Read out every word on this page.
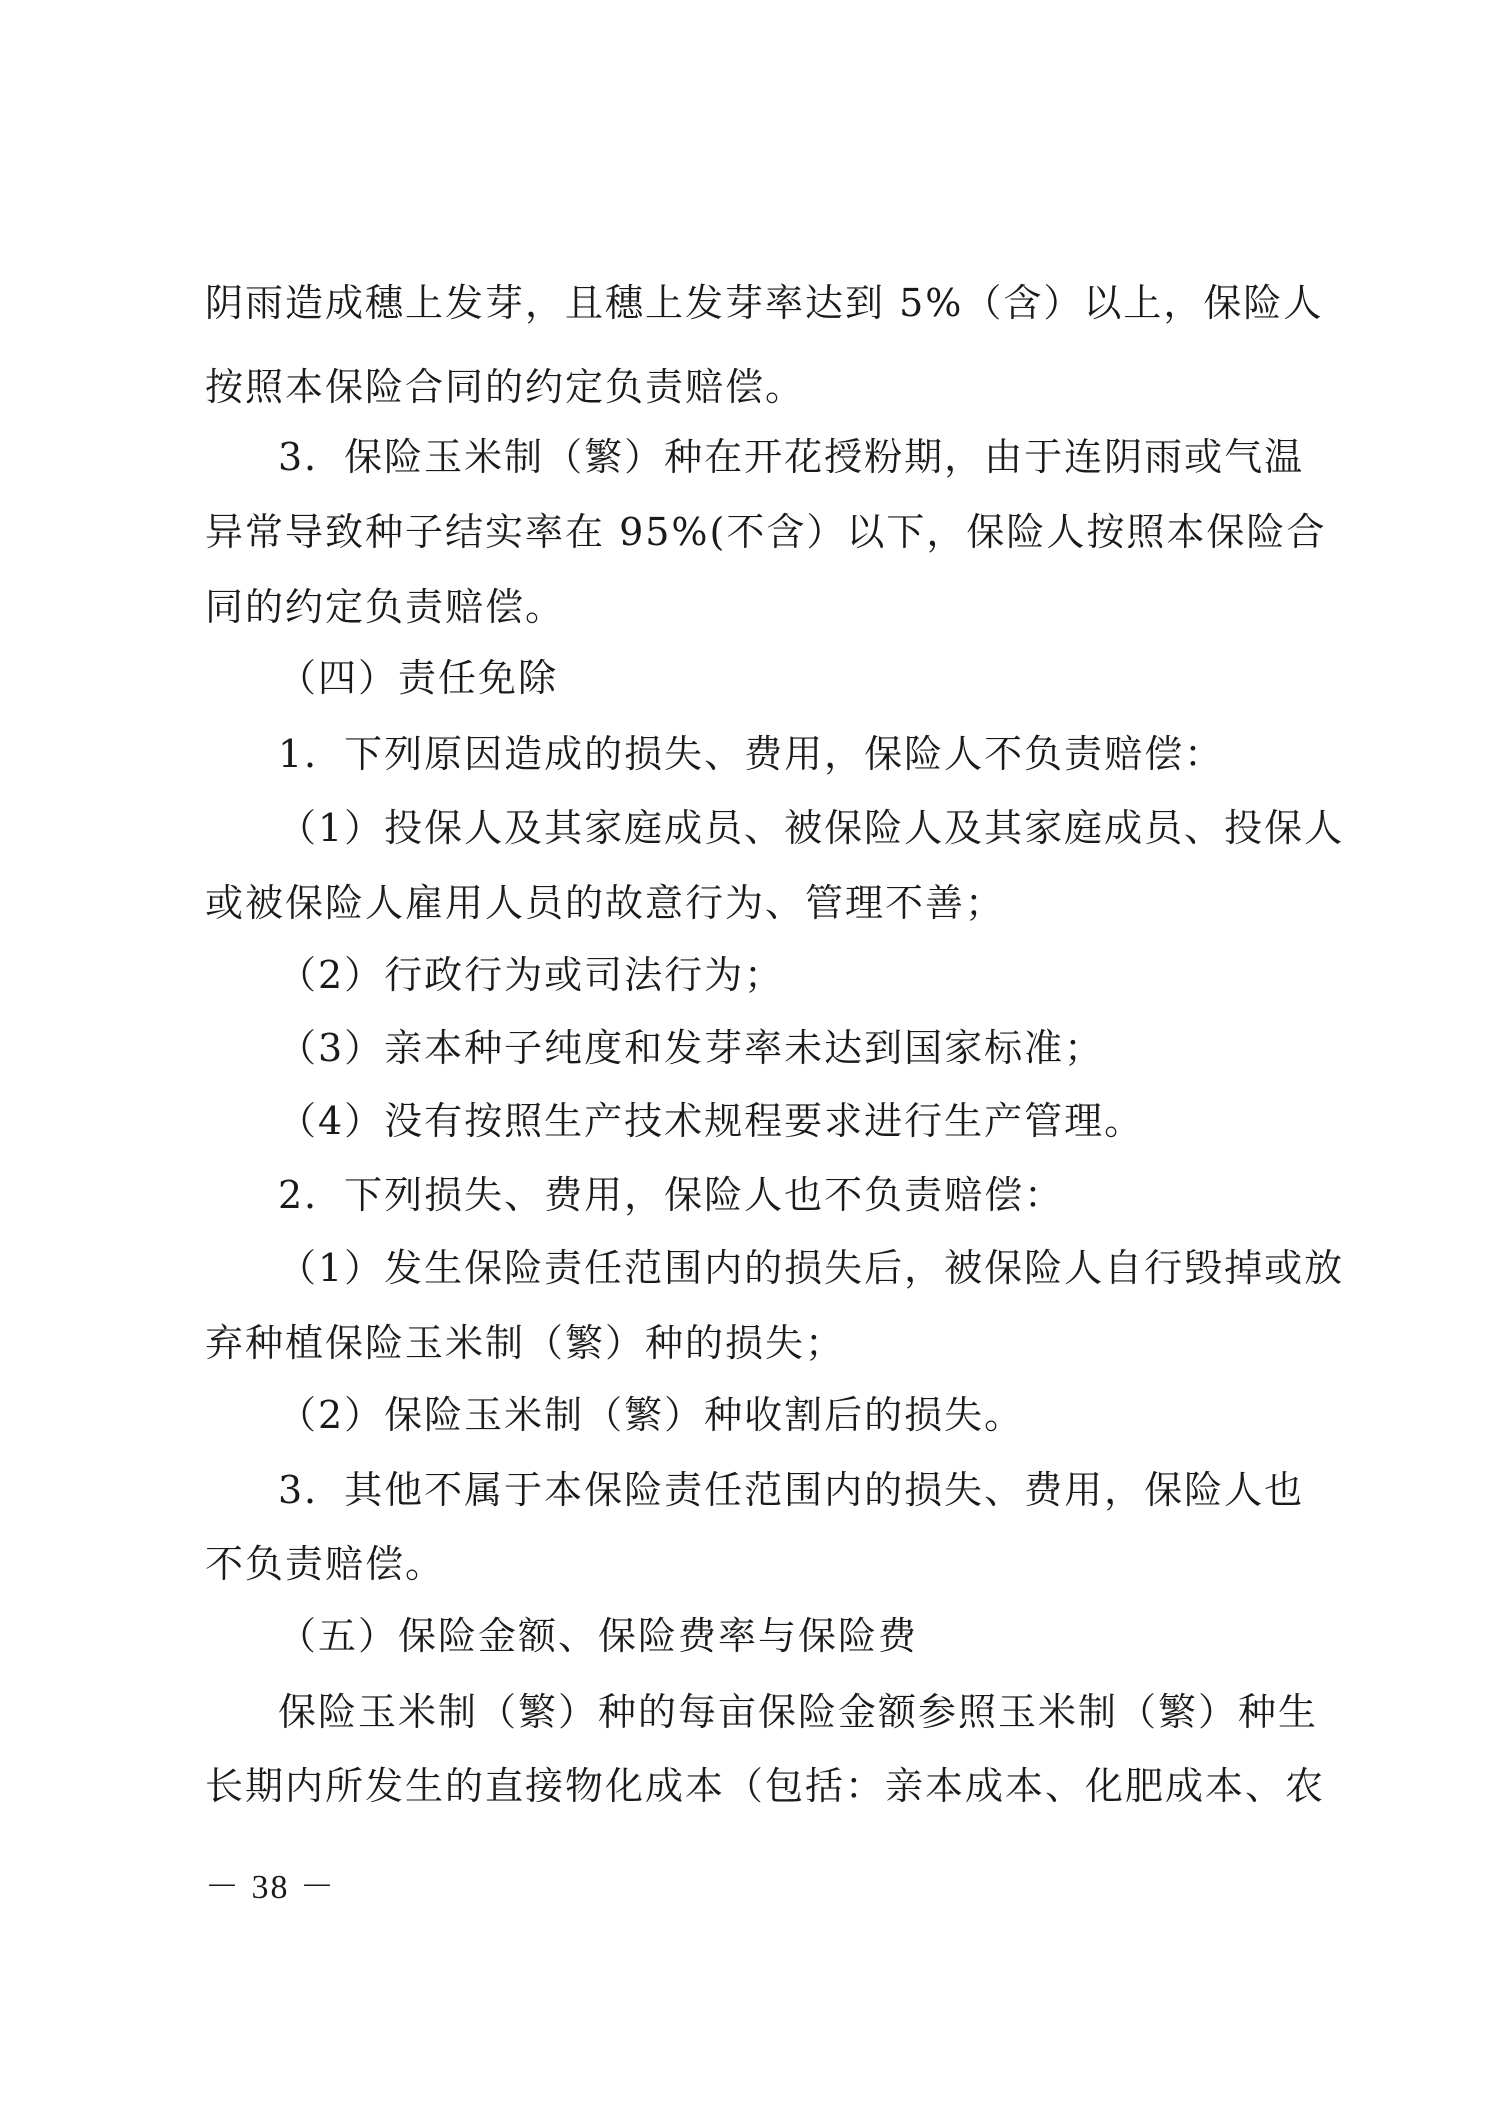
阴雨造成穗上发芽，且穗上发芽率达到 5%（含）以上，保险人
按照本保险合同的约定负责赔偿。
3．保险玉米制（繁）种在开花授粉期，由于连阴雨或气温
异常导致种子结实率在 95%(不含）以下，保险人按照本保险合
同的约定负责赔偿。
（四）责任免除
1．下列原因造成的损失、费用，保险人不负责赔偿：
（1）投保人及其家庭成员、被保险人及其家庭成员、投保人
或被保险人雇用人员的故意行为、管理不善；
（2）行政行为或司法行为；
（3）亲本种子纯度和发芽率未达到国家标准；
（4）没有按照生产技术规程要求进行生产管理。
2．下列损失、费用，保险人也不负责赔偿：
（1）发生保险责任范围内的损失后，被保险人自行毁掉或放
弃种植保险玉米制（繁）种的损失；
（2）保险玉米制（繁）种收割后的损失。
3．其他不属于本保险责任范围内的损失、费用，保险人也
不负责赔偿。
（五）保险金额、保险费率与保险费
保险玉米制（繁）种的每亩保险金额参照玉米制（繁）种生
长期内所发生的直接物化成本（包括：亲本成本、化肥成本、农
－ 38 －
